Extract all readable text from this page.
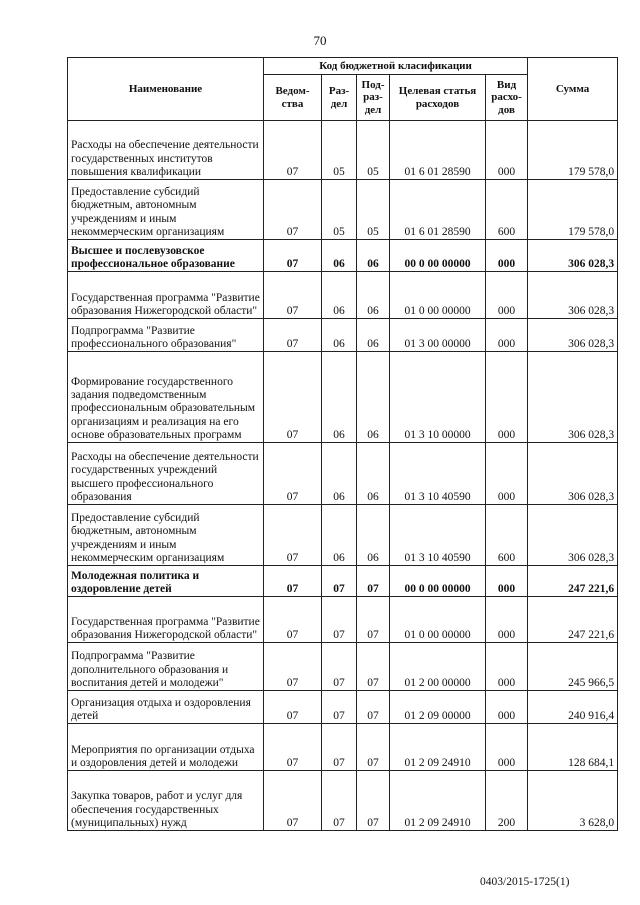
70
Наименование	Код бюджетной класификации					Сумма
	Ведом-ства	Раз-дел	Под-раз-дел	Целевая статья расходов	Вид расхо-дов	
Расходы на обеспечение деятельности государственных институтов повышения квалификации	07	05	05	01 6 01 28590	000	179 578,0
Предоставление субсидий бюджетным, автономным учреждениям и иным некоммерческим организациям	07	05	05	01 6 01 28590	600	179 578,0
Высшее и послевузовское профессиональное образование	07	06	06	00 0 00 00000	000	306 028,3
Государственная программа "Развитие образования Нижегородской области"	07	06	06	01 0 00 00000	000	306 028,3
Подпрограмма "Развитие профессионального образования"	07	06	06	01 3 00 00000	000	306 028,3
Формирование государственного задания подведомственным профессиональным образовательным организациям и реализация на его основе образовательных программ	07	06	06	01 3 10 00000	000	306 028,3
Расходы на обеспечение деятельности государственных учреждений высшего профессионального образования	07	06	06	01 3 10 40590	000	306 028,3
Предоставление субсидий бюджетным, автономным учреждениям и иным некоммерческим организациям	07	06	06	01 3 10 40590	600	306 028,3
Молодежная политика и оздоровление детей	07	07	07	00 0 00 00000	000	247 221,6
Государственная программа "Развитие образования Нижегородской области"	07	07	07	01 0 00 00000	000	247 221,6
Подпрограмма "Развитие дополнительного образования и воспитания детей и молодежи"	07	07	07	01 2 00 00000	000	245 966,5
Организация отдыха и оздоровления детей	07	07	07	01 2 09 00000	000	240 916,4
Мероприятия по организации отдыха и оздоровления детей и молодежи	07	07	07	01 2 09 24910	000	128 684,1
Закупка товаров, работ и услуг для обеспечения государственных (муниципальных) нужд	07	07	07	01 2 09 24910	200	3 628,0
0403/2015-1725(1)
